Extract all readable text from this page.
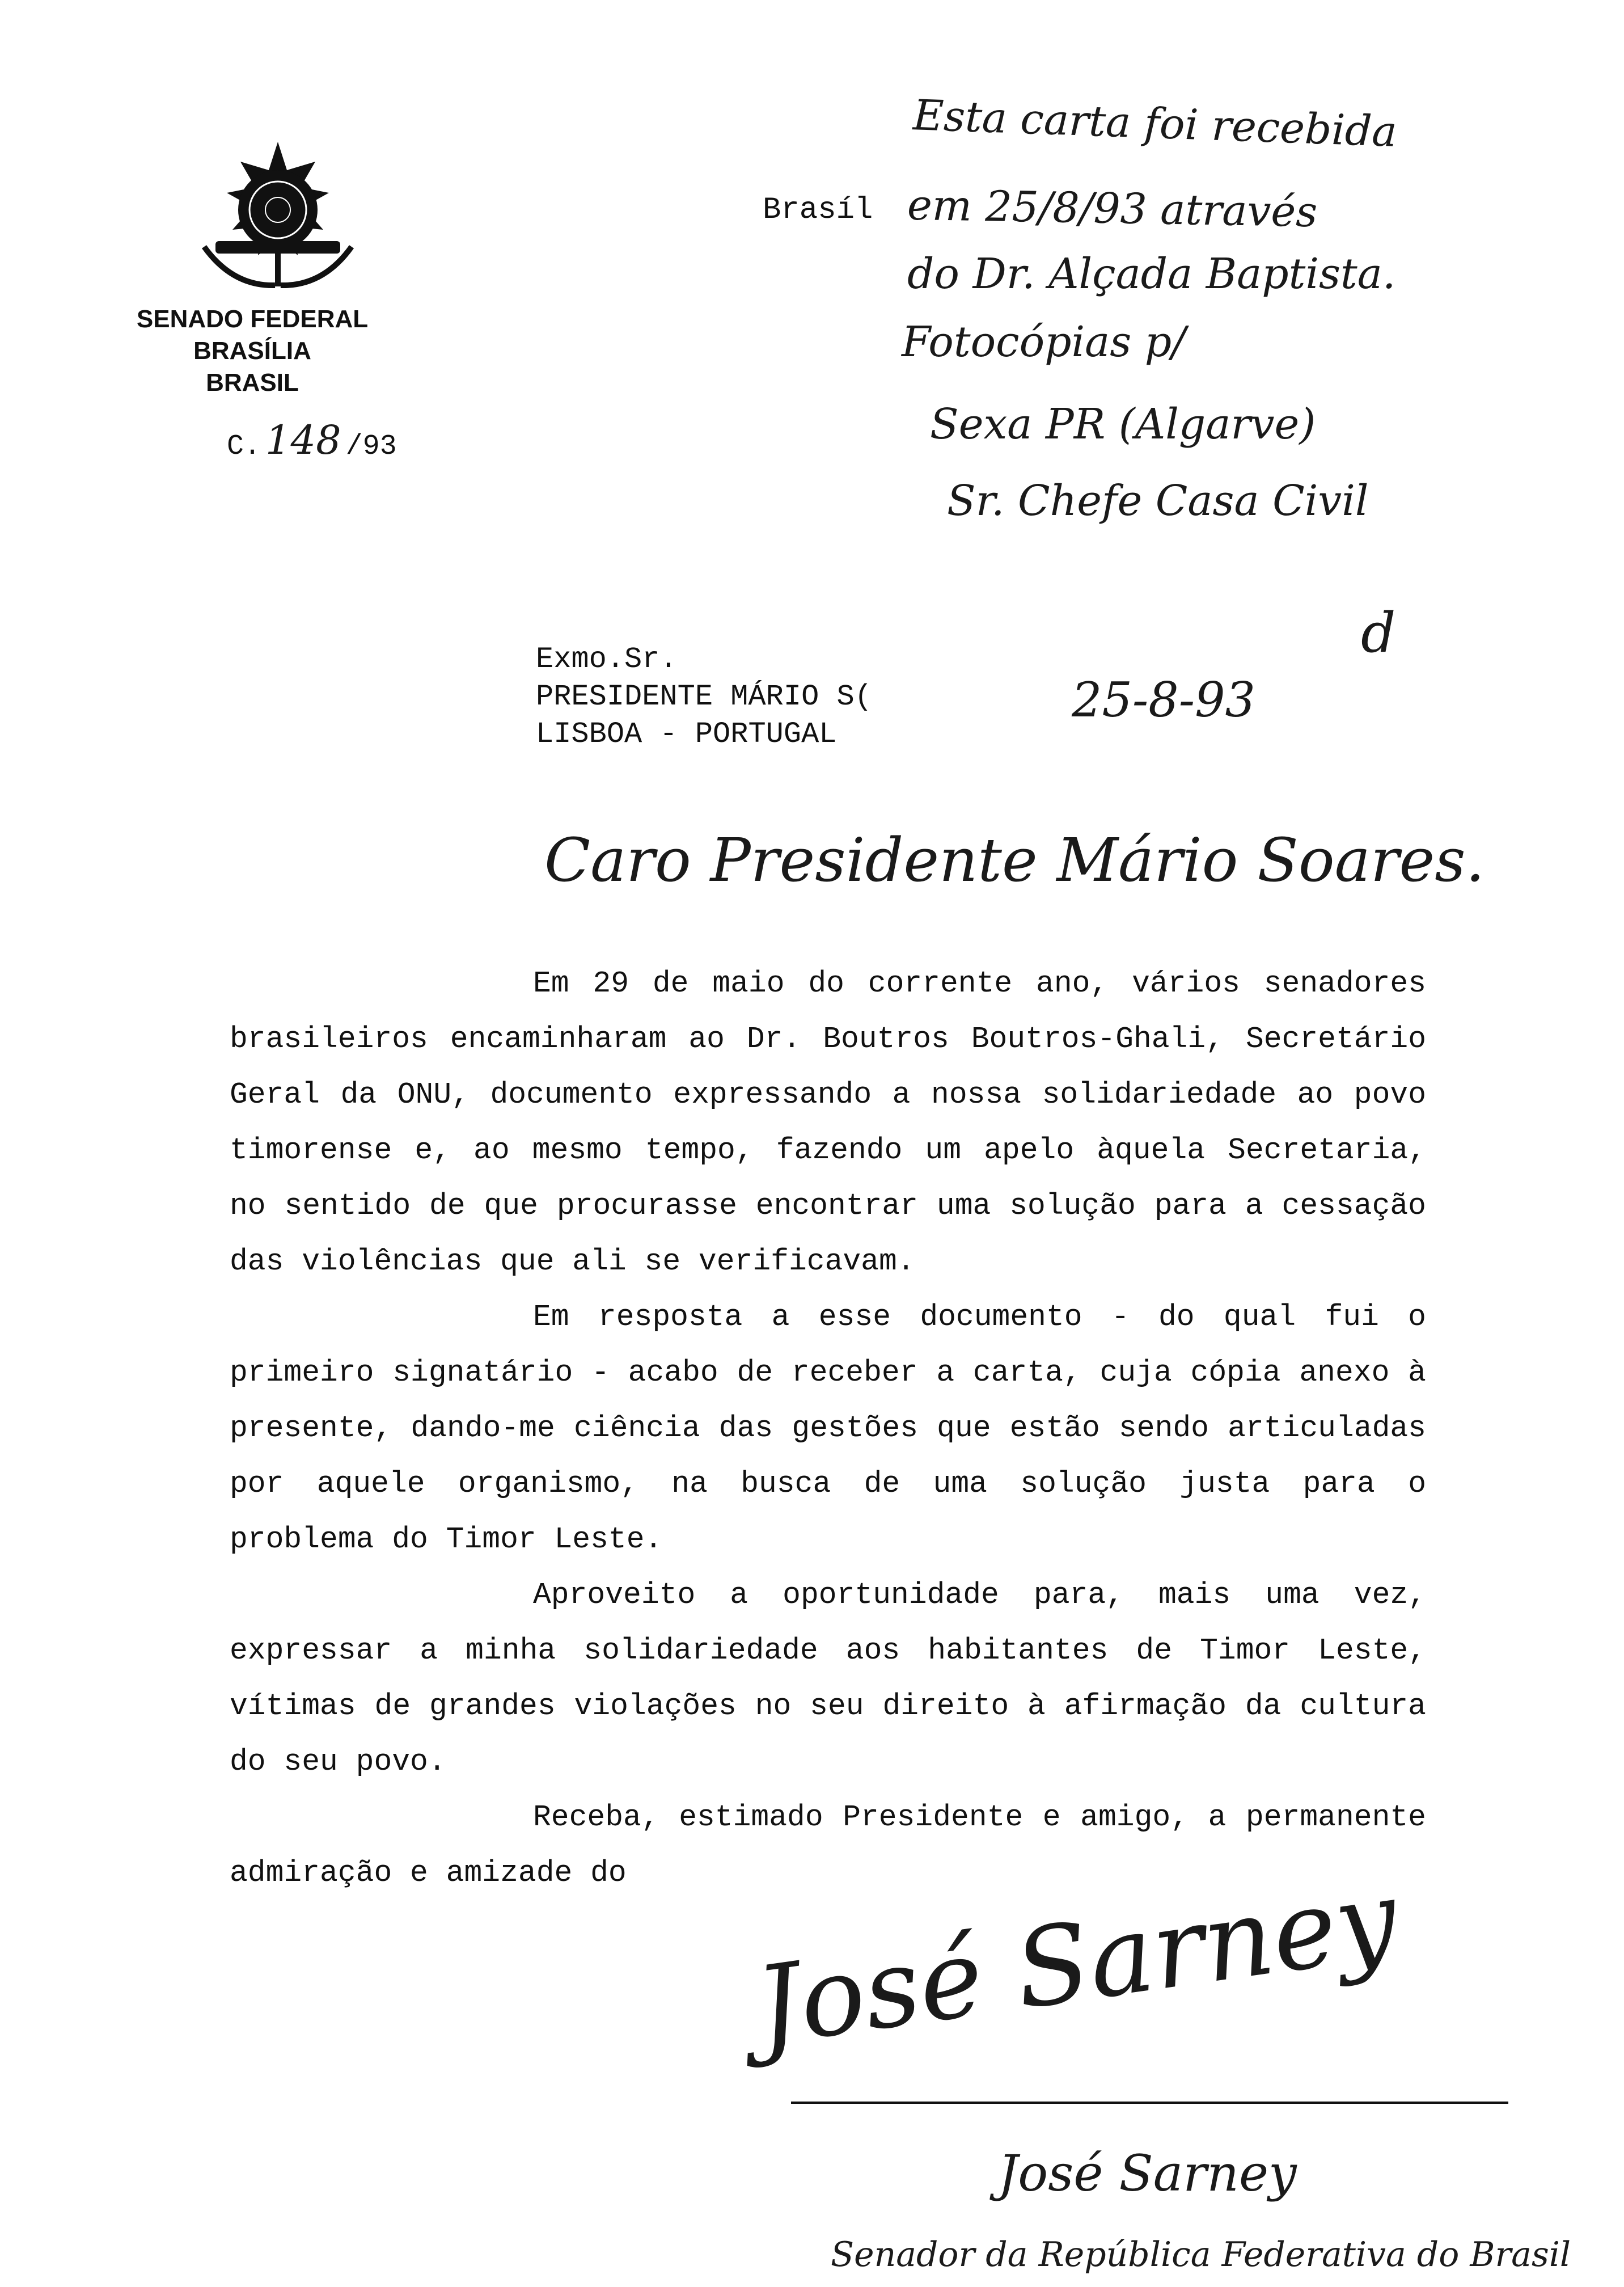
SENADO FEDERAL
BRASÍLIA
BRASIL
C. 148 /93
Brasíl
Esta carta foi recebida
em 25/8/93 através
do Dr. Alçada Baptista.
Fotocópias p/
Sexa PR (Algarve)
Sr. Chefe Casa Civil
d
Exmo.Sr.
PRESIDENTE MÁRIO S(
LISBOA - PORTUGAL
25-8-93
Caro Presidente Mário Soares.

Em 29 de maio do corrente ano, vários senadores brasileiros encaminharam ao Dr. Boutros Boutros-Ghali, Secretário Geral da ONU, documento expressando a nossa solidariedade ao povo timorense e, ao mesmo tempo, fazendo um apelo àquela Secretaria, no sentido de que procurasse encontrar uma solução para a cessação das violências que ali se verificavam.

Em resposta a esse documento - do qual fui o primeiro signatário - acabo de receber a carta, cuja cópia anexo à presente, dando-me ciência das gestões que estão sendo articuladas por aquele organismo, na busca de uma solução justa para o problema do Timor Leste.

Aproveito a oportunidade para, mais uma vez, expressar a minha solidariedade aos habitantes de Timor Leste, vítimas de grandes violações no seu direito à afirmação da cultura do seu povo.

Receba, estimado Presidente e amigo, a permanente admiração e amizade do	José Sarney
José Sarney
Senador da República Federativa do Brasil
